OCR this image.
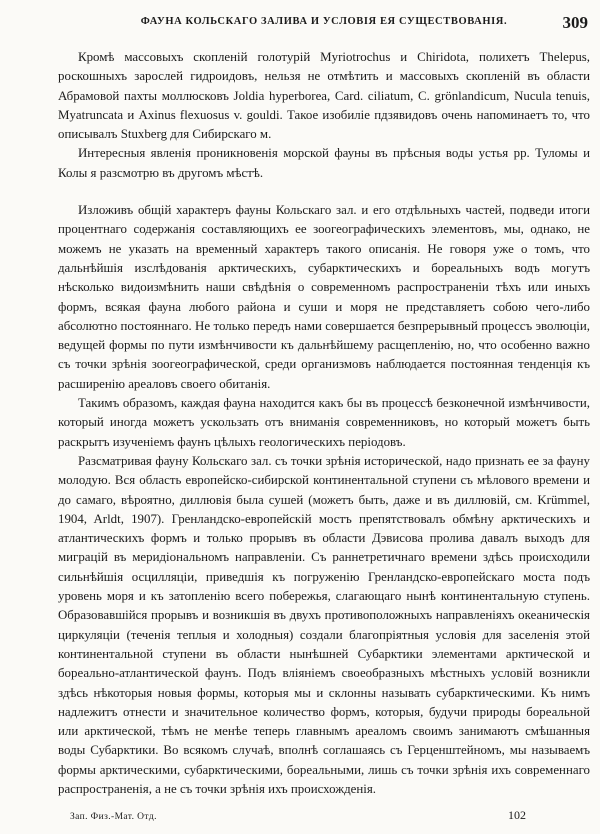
ФАУНА КОЛЬСКАГО ЗАЛИВА И УСЛОВІЯ ЕЯ СУЩЕСТВОВАНІЯ.	309

Кромѣ массовыхъ скопленій голотурій Myriotrochus и Chiridota, полихетъ Thelepus, роскошныхъ зарослей гидроидовъ, нельзя не отмѣтить и массовыхъ скопленій въ области Абрамовой пахты моллюсковъ Joldia hyperborea, Card. ciliatum, C. grönlandicum, Nucula tenuis, Myatruncata и Axinus flexuosus v. gouldi. Такое изобиліе пдзявидовъ очень напоминаетъ то, что описывалъ Stuxberg для Сибирскаго м.

Интересныя явленія проникновенія морской фауны въ прѣсныя воды устья рр. Туломы и Колы я разсмотрю въ другомъ мѣстѣ.

Изложивъ общій характеръ фауны Кольскаго зал. и его отдѣльныхъ частей, подведи итоги процентнаго содержанія составляющихъ ее зоогеографическихъ элементовъ, мы, однако, не можемъ не указать на временный характеръ такого описанія. Не говоря уже о томъ, что дальнѣйшія изслѣдованія арктическихъ, субарктическихъ и бореальныхъ водъ могутъ нѣсколько видоизмѣнить наши свѣдѣнія о современномъ распространеніи тѣхъ или иныхъ формъ, всякая фауна любого района и суши и моря не представляетъ собою чего-либо абсолютно постояннаго. Не только передъ нами совершается безпрерывный процессъ эволюціи, ведущей формы по пути измѣнчивости къ дальнѣйшему расщепленію, но, что особенно важно съ точки зрѣнія зоогеографической, среди организмовъ наблюдается постоянная тенденція къ расширенію ареаловъ своего обитанія.

Такимъ образомъ, каждая фауна находится какъ бы въ процессѣ безконечной измѣнчивости, который иногда можетъ ускользать отъ вниманія современниковъ, но который можетъ быть раскрытъ изученіемъ фаунъ цѣлыхъ геологическихъ періодовъ.

Разсматривая фауну Кольскаго зал. съ точки зрѣнія исторической, надо признать ее за фауну молодую. Вся область европейско-сибирской континентальной ступени съ мѣлового времени и до самаго, вѣроятно, диллювія была сушей (можетъ быть, даже и въ диллювій, см. Krümmel, 1904, Arldt, 1907). Гренландско-европейскій мостъ препятствовалъ обмѣну арктическихъ и атлантическихъ формъ и только прорывъ въ области Дэвисова пролива давалъ выходъ для миграцій въ меридіональномъ направленіи. Съ раннетретичнаго времени здѣсь происходили сильнѣйшія осцилляціи, приведшія къ погруженію Гренландско-европейскаго моста подъ уровень моря и къ затопленію всего побережья, слагающаго нынѣ континентальную ступень. Образовавшійся прорывъ и возникшія въ двухъ противоположныхъ направленіяхъ океаническія циркуляціи (теченія теплыя и холодныя) создали благопріятныя условія для заселенія этой континентальной ступени въ области нынѣшней Субарктики элементами арктической и бореально-атлантической фаунъ. Подъ вліяніемъ своеобразныхъ мѣстныхъ условій возникли здѣсь нѣкоторыя новыя формы, которыя мы и склонны называть субарктическими. Къ нимъ надлежитъ отнести и значительное количество формъ, которыя, будучи природы бореальной или арктической, тѣмъ не менѣе теперь главнымъ ареаломъ своимъ занимаютъ смѣшанныя воды Субарктики. Во всякомъ случаѣ, вполнѣ соглашаясь съ Герценштейномъ, мы называемъ формы арктическими, субарктическими, бореальными, лишь съ точки зрѣнія ихъ современнаго распространенія, а не съ точки зрѣнія ихъ происхожденія.

Зап. Физ.-Мат. Отд.	102
